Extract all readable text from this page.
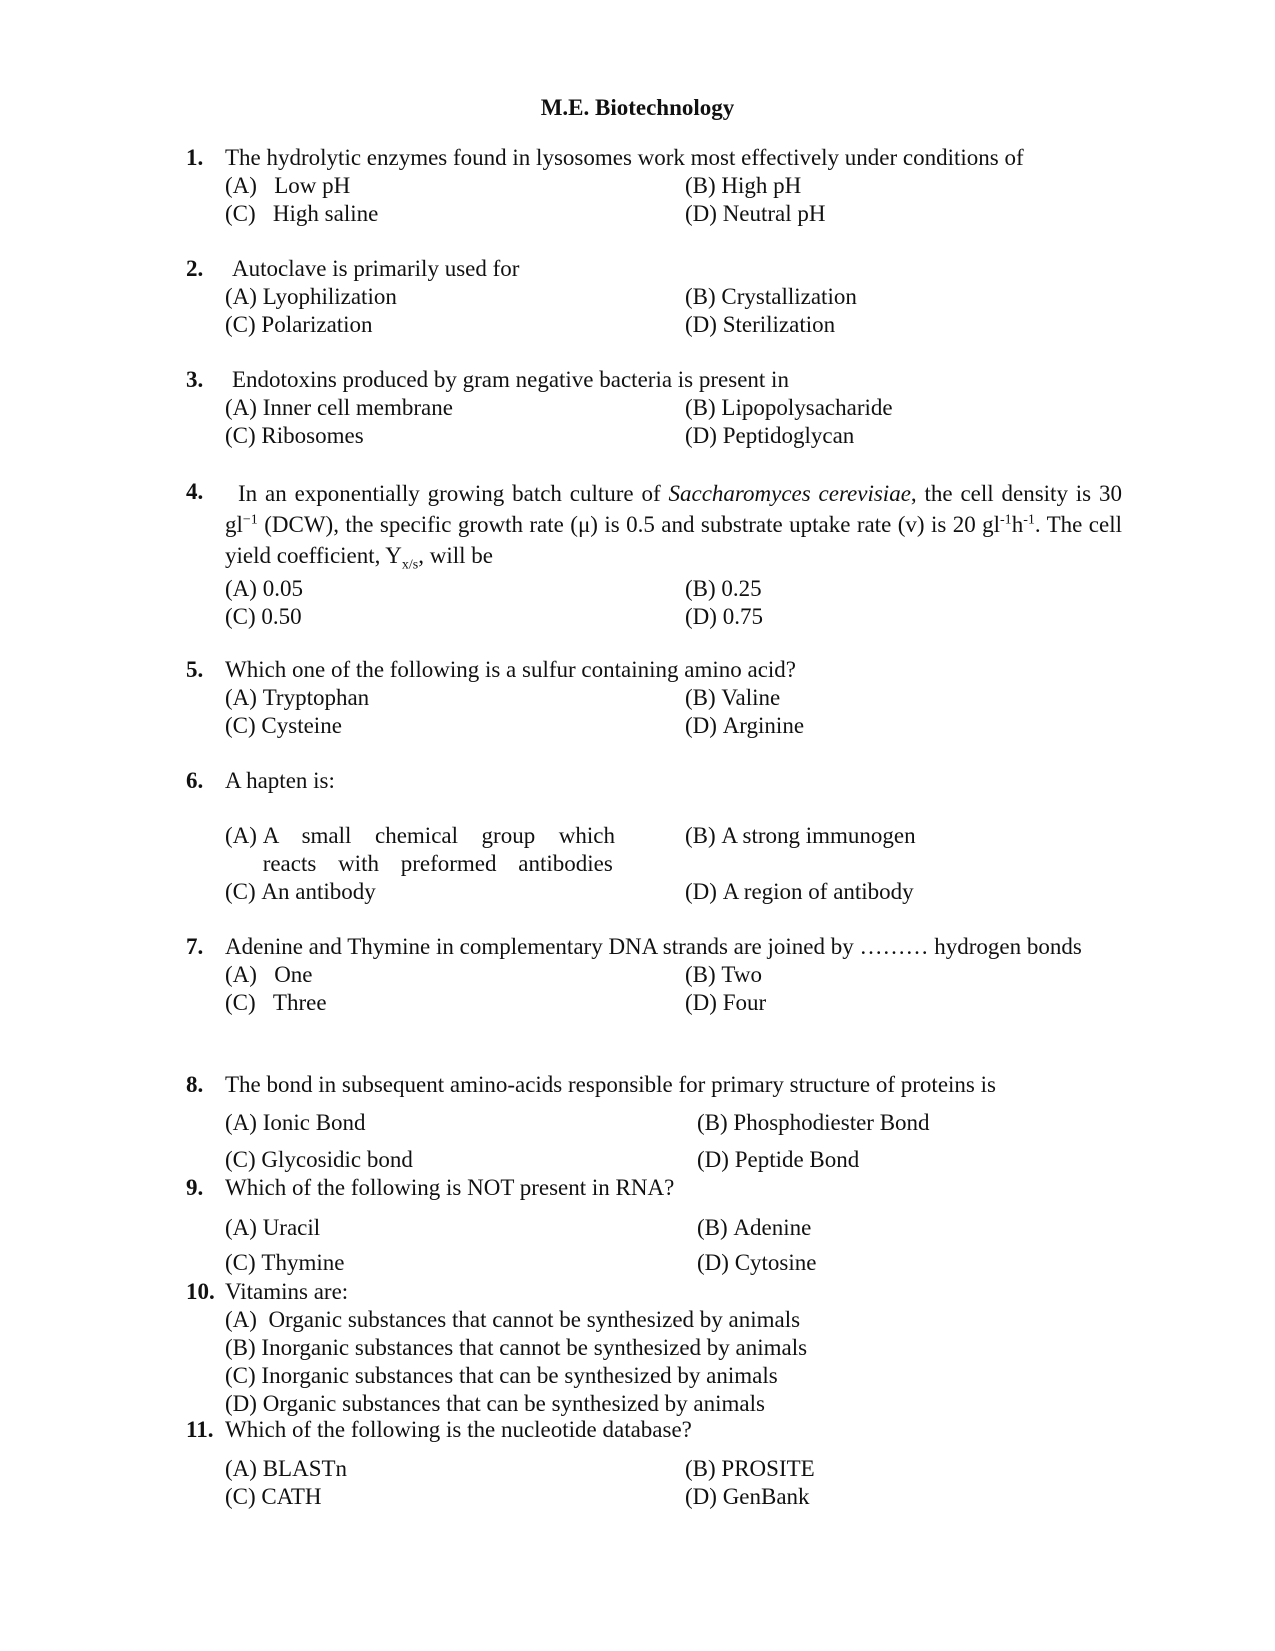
M.E. Biotechnology
1. The hydrolytic enzymes found in lysosomes work most effectively under conditions of
(A) Low pH	(B) High pH
(C) High saline	(D) Neutral pH
2. Autoclave is primarily used for
(A) Lyophilization	(B) Crystallization
(C) Polarization	(D) Sterilization
3. Endotoxins produced by gram negative bacteria is present in
(A) Inner cell membrane	(B) Lipopolysacharide
(C) Ribosomes	(D) Peptidoglycan
4.	In an exponentially growing batch culture of Saccharomyces cerevisiae, the cell density is 30 $gl^{-1}$ (DCW), the specific growth rate (μ) is 0.5 and substrate uptake rate (v) is 20 $gl^{-1}h^{-1}$. The cell yield coefficient, $Y_{x/s}$, will be
(A) 0.05	(B) 0.25
(C) 0.50	(D) 0.75
5. Which one of the following is a sulfur containing amino acid?
(A) Tryptophan	(B) Valine
(C) Cysteine	(D) Arginine
6. A hapten is:
(A) A small chemical group which reacts with preformed antibodies
(B) A strong immunogen
(C) An antibody	(D) A region of antibody
7. Adenine and Thymine in complementary DNA strands are joined by ……… hydrogen bonds
(A) One	(B) Two
(C) Three	(D) Four
8. The bond in subsequent amino-acids responsible for primary structure of proteins is
(A) Ionic Bond	(B) Phosphodiester Bond
(C) Glycosidic bond	(D) Peptide Bond
9. Which of the following is NOT present in RNA?
(A) Uracil	(B) Adenine
(C) Thymine	(D) Cytosine
10. Vitamins are:
(A) Organic substances that cannot be synthesized by animals
(B) Inorganic substances that cannot be synthesized by animals
(C) Inorganic substances that can be synthesized by animals
(D) Organic substances that can be synthesized by animals
11. Which of the following is the nucleotide database?
(A) BLASTn	(B) PROSITE
(C) CATH	(D) GenBank
